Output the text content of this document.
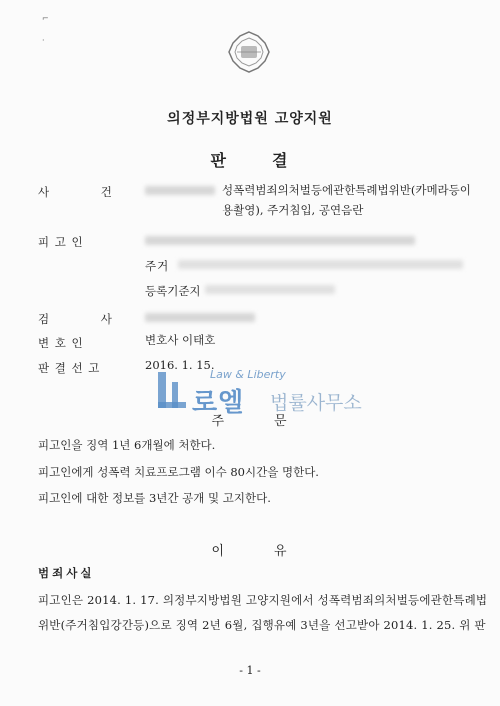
⌐
·
의정부지방법원 고양지원
판	결
사 건	성폭력범죄의처벌등에관한특례법위반(카메라등이
용촬영), 주거침입, 공연음란
피 고 인
주거
등록기준지
검 사
변 호 인	변호사 이태호
판 결 선 고	2016. 1. 15.
Law & Liberty
로엘 법률사무소
주	문
피고인을 징역 1년 6개월에 처한다.
피고인에게 성폭력 치료프로그램 이수 80시간을 명한다.
피고인에 대한 정보를 3년간 공개 및 고지한다.
이	유
범죄사실
피고인은 2014. 1. 17. 의정부지방법원 고양지원에서 성폭력범죄의처벌등에관한특례법
위반(주거침입강간등)으로 징역 2년 6월, 집행유예 3년을 선고받아 2014. 1. 25. 위 판
- 1 -
